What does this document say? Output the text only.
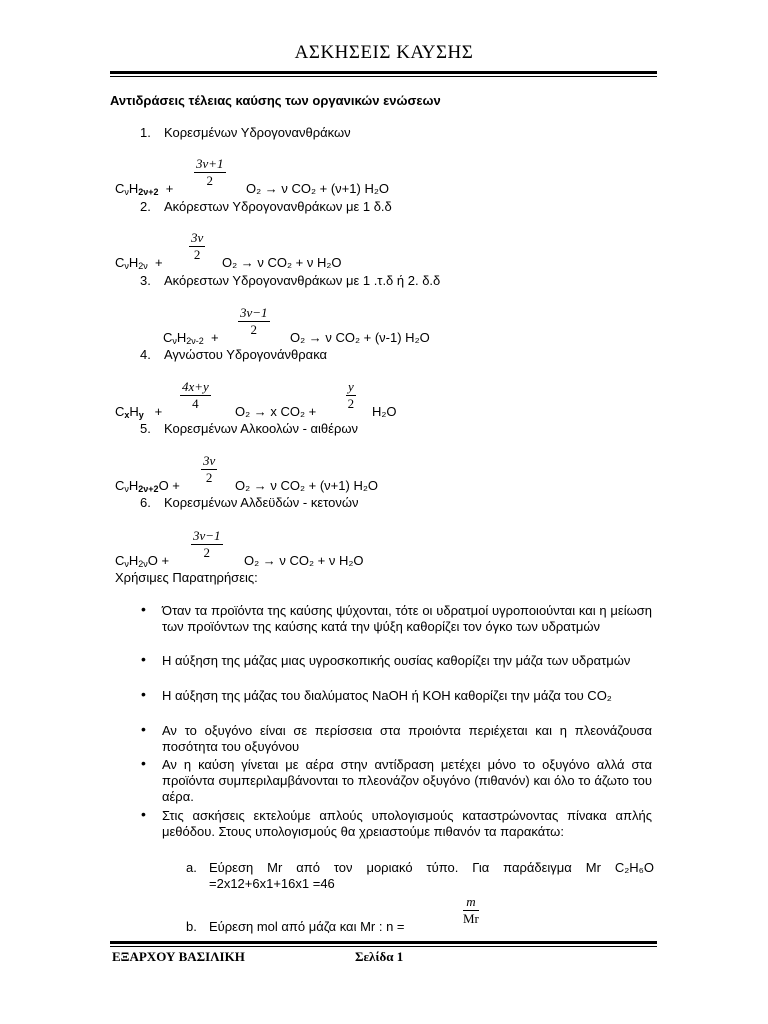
ΑΣΚΗΣΕΙΣ ΚΑΥΣΗΣ
Αντιδράσεις τέλειας καύσης των οργανικών ενώσεων
1. Κορεσμένων Υδρογονανθράκων
$\frac{3\nu+1}{2}$
$C_\nu H_{2\nu+2}$  +	O₂ → ν CO₂ + (ν+1) H₂O
2. Ακόρεστων Υδρογονανθράκων με 1 δ.δ
$\frac{3\nu}{2}$
$C_\nu H_{2\nu}$  +	O₂ → ν CO₂ + ν H₂O
3. Ακόρεστων Υδρογονανθράκων με 1 .τ.δ ή 2. δ.δ
$\frac{3\nu-1}{2}$
$C_\nu H_{2\nu-2}$  +	O₂ → ν CO₂ + (ν-1) H₂O
4. Αγνώστου Υδρογονάνθρακα
$\frac{4x+y}{4}$	$\frac{y}{2}$
$C_xH_y$   +	O₂ → x CO₂ +	H₂O
5. Κορεσμένων Αλκοολών - αιθέρων
$\frac{3\nu}{2}$
$C_\nu H_{2\nu+2}O$ +	O₂ → ν CO₂ + (ν+1) H₂O
6. Κορεσμένων Αλδεϋδών - κετονών
$\frac{3\nu-1}{2}$
$C_\nu H_{2\nu}O$ +	O₂ → ν CO₂ + ν H₂O
Χρήσιμες Παρατηρήσεις:
• Όταν τα προϊόντα της καύσης ψύχονται, τότε οι υδρατμοί υγροποιούνται και η μείωση των προϊόντων της καύσης κατά την ψύξη καθορίζει τον όγκο των υδρατμών
• Η αύξηση της μάζας μιας υγροσκοπικής ουσίας καθορίζει την μάζα των υδρατμών
• Η αύξηση της μάζας του διαλύματος NaOH ή KOH καθορίζει την μάζα του CO₂
• Αν το οξυγόνο είναι σε περίσσεια στα προιόντα περιέχεται και η πλεονάζουσα ποσότητα του οξυγόνου
• Αν η καύση γίνεται με αέρα στην αντίδραση μετέχει μόνο το οξυγόνο αλλά στα προϊόντα συμπεριλαμβάνονται το πλεονάζον οξυγόνο (πιθανόν) και όλο το άζωτο του αέρα.
• Στις ασκήσεις εκτελούμε απλούς υπολογισμούς καταστρώνοντας πίνακα απλής μεθόδου. Στους υπολογισμούς θα χρειαστούμε πιθανόν τα παρακάτω:
a. Εύρεση Mr από τον μοριακό τύπο. Για παράδειγμα Mr C₂H₆O =2x12+6x1+16x1 =46
b. Εύρεση mol από μάζα και Mr : n =
$\frac{m}{Mr}$
ΕΞΑΡΧΟΥ ΒΑΣΙΛΙΚΗ	Σελίδα 1
